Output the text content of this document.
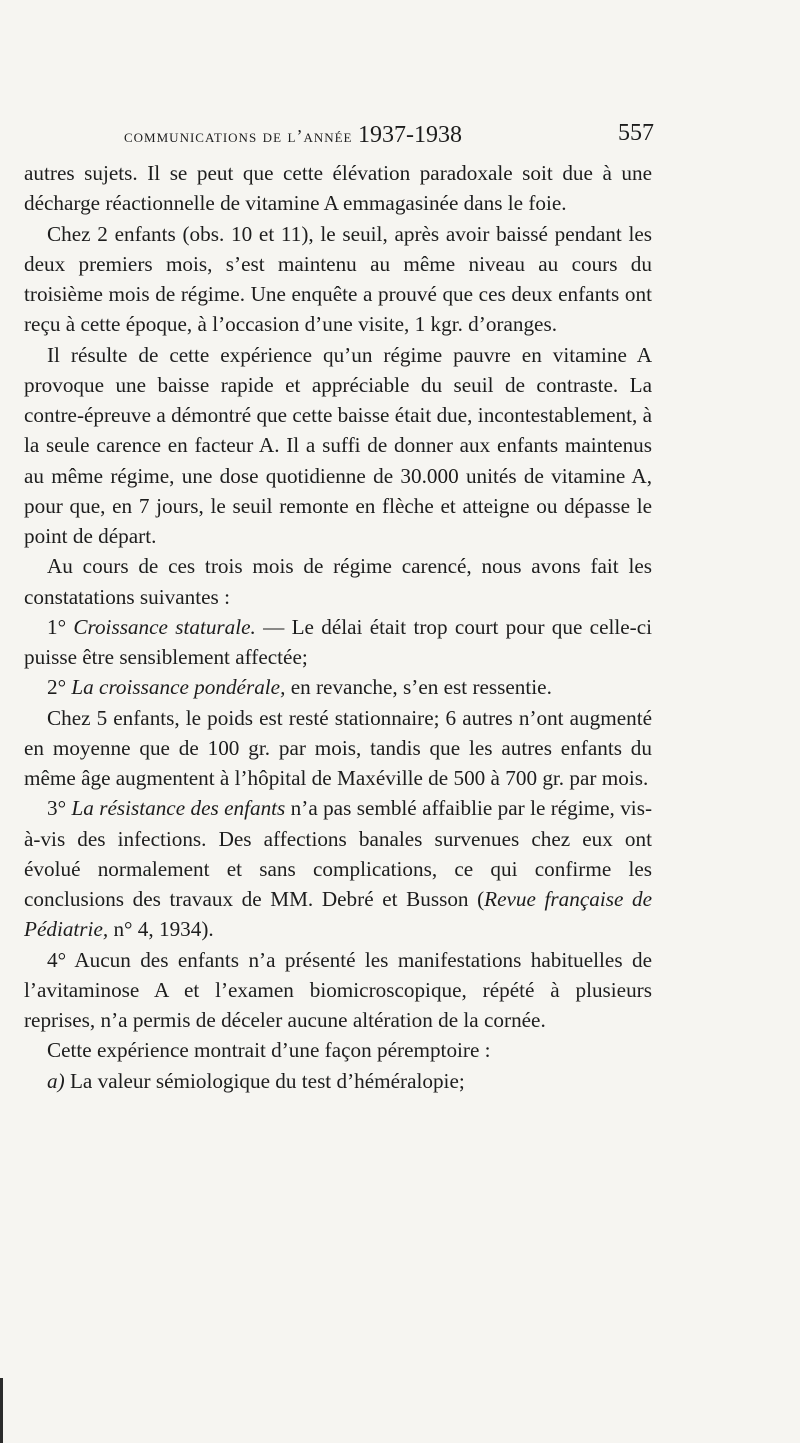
communications de l’année 1937-1938	557

autres sujets. Il se peut que cette élévation paradoxale soit due à une décharge réactionnelle de vitamine A emmagasinée dans le foie.

Chez 2 enfants (obs. 10 et 11), le seuil, après avoir baissé pendant les deux premiers mois, s’est maintenu au même niveau au cours du troisième mois de régime. Une enquête a prouvé que ces deux enfants ont reçu à cette époque, à l’occasion d’une visite, 1 kgr. d’oranges.

Il résulte de cette expérience qu’un régime pauvre en vitamine A provoque une baisse rapide et appréciable du seuil de contraste. La contre-épreuve a démontré que cette baisse était due, incontestablement, à la seule carence en facteur A. Il a suffi de donner aux enfants maintenus au même régime, une dose quotidienne de 30.000 unités de vitamine A, pour que, en 7 jours, le seuil remonte en flèche et atteigne ou dépasse le point de départ.

Au cours de ces trois mois de régime carencé, nous avons fait les constatations suivantes :

1° Croissance staturale. — Le délai était trop court pour que celle-ci puisse être sensiblement affectée;

2° La croissance pondérale, en revanche, s’en est ressentie.

Chez 5 enfants, le poids est resté stationnaire; 6 autres n’ont augmenté en moyenne que de 100 gr. par mois, tandis que les autres enfants du même âge augmentent à l’hôpital de Maxéville de 500 à 700 gr. par mois.

3° La résistance des enfants n’a pas semblé affaiblie par le régime, vis-à-vis des infections. Des affections banales survenues chez eux ont évolué normalement et sans complications, ce qui confirme les conclusions des travaux de MM. Debré et Busson (Revue française de Pédiatrie, n° 4, 1934).

4° Aucun des enfants n’a présenté les manifestations habituelles de l’avitaminose A et l’examen biomicroscopique, répété à plusieurs reprises, n’a permis de déceler aucune altération de la cornée.

Cette expérience montrait d’une façon péremptoire :

a) La valeur sémiologique du test d’héméralopie;
